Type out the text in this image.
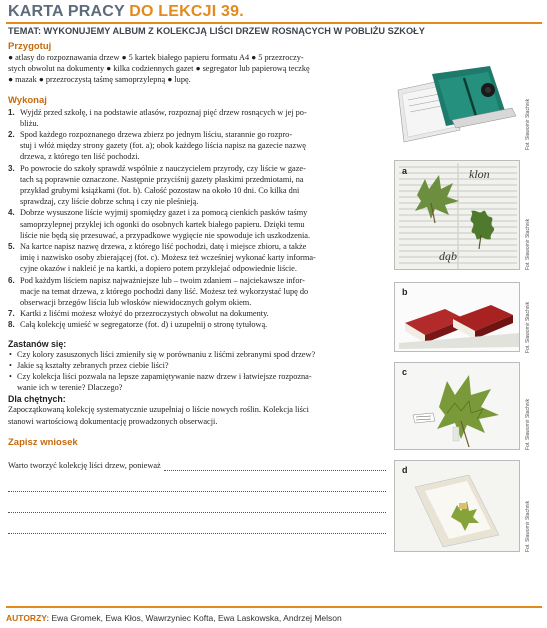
KARTA PRACY DO LEKCJI 39.
TEMAT: WYKONUJEMY ALBUM Z KOLEKCJĄ LIŚCI DRZEW ROSNĄCYCH W POBLIŻU SZKOŁY
Przygotuj
● atlasy do rozpoznawania drzew ● 5 kartek białego papieru formatu A4 ● 5 przezroczy-
stych obwolut na dokumenty ● kilka codziennych gazet ● segregator lub papierową teczkę
● mazak ● przezroczystą taśmę samoprzylepną ● lupę.
Wykonaj
1. Wyjdź przed szkołę, i na podstawie atlasów, rozpoznaj pięć drzew rosnących w jej po-
bliżu.
2. Spod każdego rozpoznanego drzewa zbierz po jednym liściu, starannie go rozpro-
stuj i włóż między strony gazety (fot. a); obok każdego liścia napisz na gazecie nazwę
drzewa, z którego ten liść pochodzi.
3. Po powrocie do szkoły sprawdź wspólnie z nauczycielem przyrody, czy liście w gaze-
tach są poprawnie oznaczone. Następnie przyciśnij gazety płaskimi przedmiotami, na
przykład grubymi książkami (fot. b). Całość pozostaw na około 10 dni. Co kilka dni
sprawdzaj, czy liście dobrze schną i czy nie pleśnieją.
4. Dobrze wysuszone liście wyjmij spomiędzy gazet i za pomocą cienkich pasków taśmy
samoprzylepnej przyklej ich ogonki do osobnych kartek białego papieru. Dzięki temu
liście nie będą się przesuwać, a przypadkowe wygięcie nie spowoduje ich uszkodzenia.
5. Na kartce napisz nazwę drzewa, z którego liść pochodzi, datę i miejsce zbioru, a także
imię i nazwisko osoby zbierającej (fot. c). Możesz też wcześniej wykonać karty informa-
cyjne okazów i nakleić je na kartki, a dopiero potem przyklejać odpowiednie liście.
6. Pod każdym liściem napisz najważniejsze lub – twoim zdaniem – najciekawsze infor-
macje na temat drzewa, z którego pochodzi dany liść. Możesz też wykorzystać lupę do
obserwacji brzegów liścia lub włosków niewidocznych gołym okiem.
7. Kartki z liśćmi możesz włożyć do przezroczystych obwolut na dokumenty.
8. Całą kolekcję umieść w segregatorze (fot. d) i uzupełnij o stronę tytułową.
Zastanów się:
• Czy kolory zasuszonych liści zmieniły się w porównaniu z liśćmi zebranymi spod drzew?
• Jakie są kształty zebranych przez ciebie liści?
• Czy kolekcja liści pozwala na lepsze zapamiętywanie nazw drzew i łatwiejsze rozpozna-
wanie ich w terenie? Dlaczego?
Dla chętnych:
Zapoczątkowaną kolekcję systematycznie uzupełniaj o liście nowych roślin. Kolekcja liści
stanowi wartościową dokumentację prowadzonych obserwacji.
Zapisz wniosek
Warto tworzyć kolekcję liści drzew, ponieważ
Fot. Sławomir Stachnik
a	klon
dąb	Fot. Sławomir Stachnik
b
Fot. Sławomir Stachnik
c
Fot. Sławomir Stachnik
d
Fot. Sławomir Stachnik
AUTORZY: Ewa Gromek, Ewa Kłos, Wawrzyniec Kofta, Ewa Laskowska, Andrzej Melson
